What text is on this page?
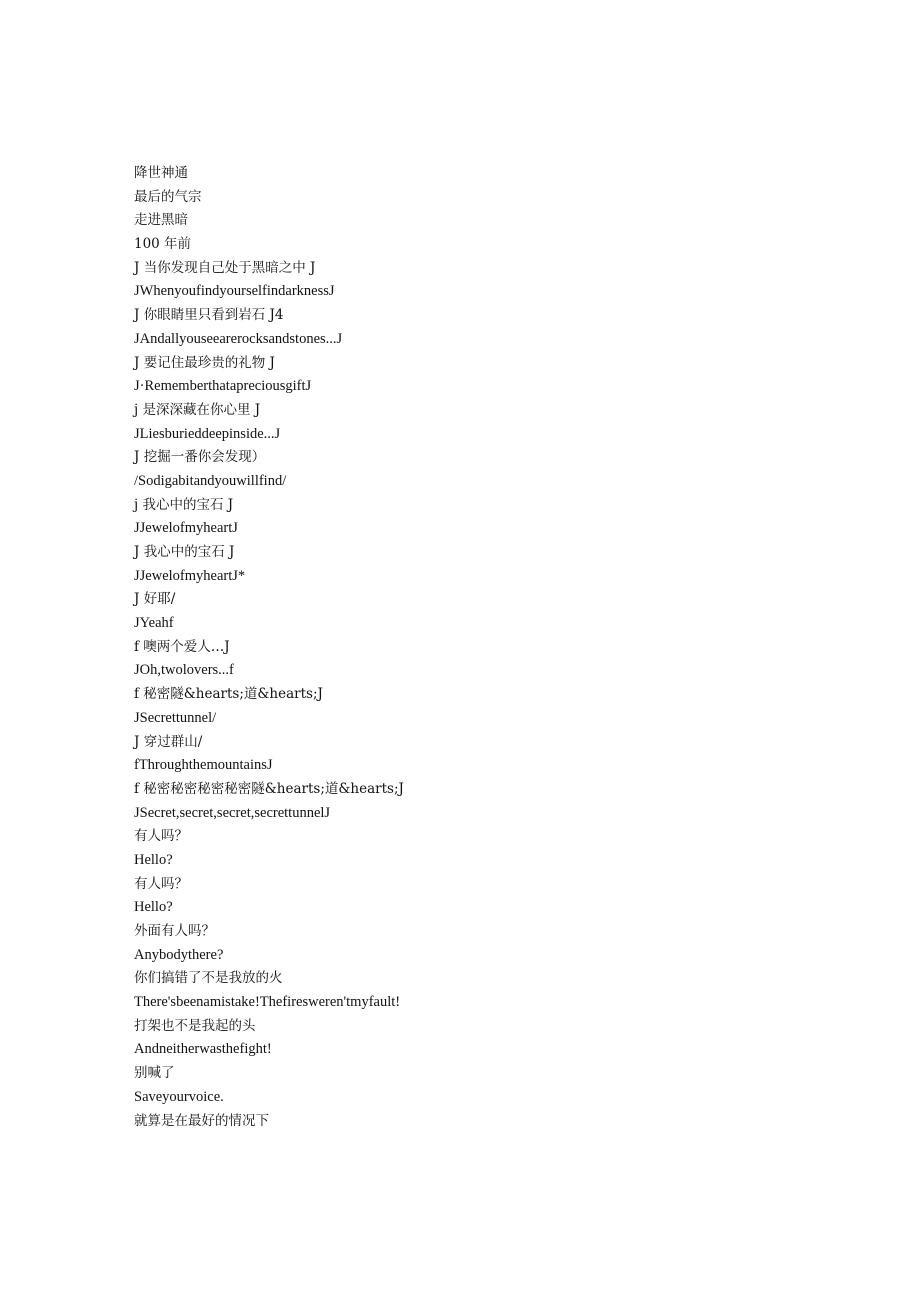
降世神通
最后的气宗
走进黑暗
100 年前
J 当你发现自己处于黑暗之中 J
JWhenyoufindyourselfindarknessJ
J 你眼睛里只看到岩石 J4
JAndallyouseearerocksandstones...J
J 要记住最珍贵的礼物 J
J·RememberthatapreciousgiftJ
j 是深深藏在你心里 J
JLiesburieddeepinside...J
J 挖掘一番你会发现）
/Sodigabitandyouwillfind/
j 我心中的宝石 J
JJewelofmyheartJ
J 我心中的宝石 J
JJewelofmyheartJ*
J 好耶/
JYeahf
f 噢两个爱人…J
JOh,twolovers...f
f 秘密隧&hearts;道&hearts;J
JSecrettunnel/
J 穿过群山/
fThroughthemountainsJ
f 秘密秘密秘密秘密隧&hearts;道&hearts;J
JSecret,secret,secret,secrettunnelJ
有人吗？
Hello?
有人吗？
Hello?
外面有人吗？
Anybodythere?
你们搞错了不是我放的火
There'sbeenamistake!Thefiresweren'tmyfault!
打架也不是我起的头
Andneitherwasthefight!
别喊了
Saveyourvoice.
就算是在最好的情况下
